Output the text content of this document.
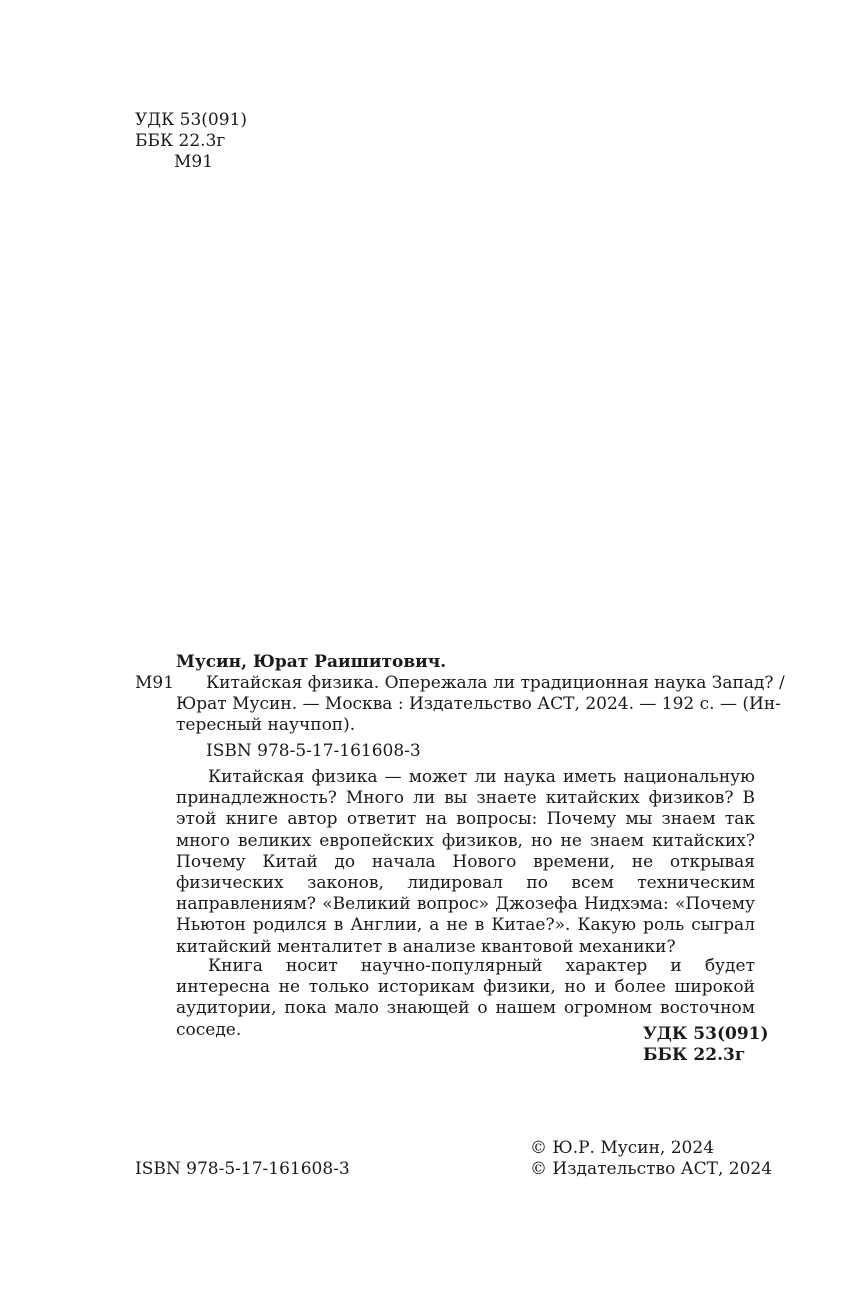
УДК 53(091)
ББК 22.3г
М91
Мусин, Юрат Раишитович.
М91 Китайская физика. Опережала ли традиционная наука Запад? /
Юрат Мусин. — Москва : Издательство АСТ, 2024. — 192 с. — (Ин-
тересный научпоп).
ISBN 978-5-17-161608-3
Китайская физика — может ли наука иметь национальную принадлежность? Много ли вы знаете китайских физиков? В этой книге автор ответит на вопросы: Почему мы знаем так много великих европейских физиков, но не знаем китайских? Почему Китай до начала Нового времени, не открывая физических законов, лидировал по всем техническим направлениям? «Великий вопрос» Джозефа Нидхэма: «Почему Ньютон родился в Англии, а не в Китае?». Какую роль сыграл китайский менталитет в анализе квантовой механики?
Книга носит научно-популярный характер и будет интересна не только историкам физики, но и более широкой аудитории, пока мало знающей о нашем огромном восточном соседе.	УДК 53(091)
ББК 22.3г
© Ю.Р. Мусин, 2024
ISBN 978-5-17-161608-3	© Издательство АСТ, 2024
